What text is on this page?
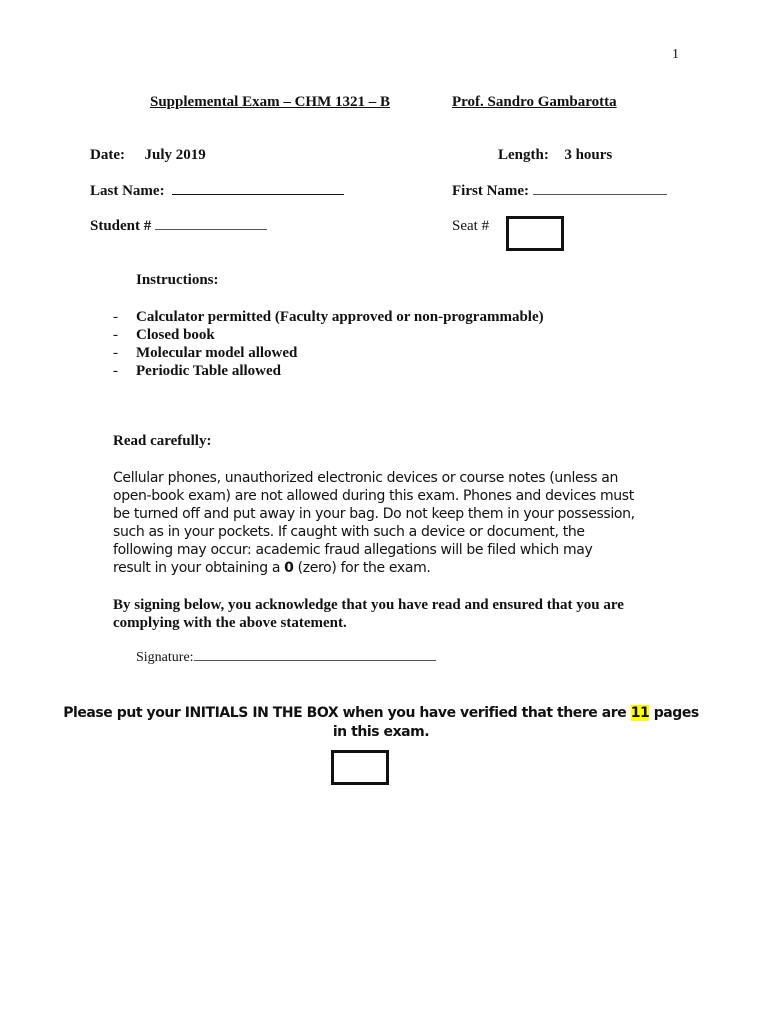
1
Supplemental Exam – CHM 1321 – B	Prof. Sandro Gambarotta
Date: July 2019	Length: 3 hours
Last Name:	First Name:
Student #	Seat #
Instructions:
- Calculator permitted (Faculty approved or non-programmable)
- Closed book
- Molecular model allowed
- Periodic Table allowed
Read carefully:
Cellular phones, unauthorized electronic devices or course notes (unless an
open-book exam) are not allowed during this exam. Phones and devices must
be turned off and put away in your bag. Do not keep them in your possession,
such as in your pockets. If caught with such a device or document, the
following may occur: academic fraud allegations will be filed which may
result in your obtaining a 0 (zero) for the exam.
By signing below, you acknowledge that you have read and ensured that you are
complying with the above statement.
Signature:
Please put your INITIALS IN THE BOX when you have verified that there are 11 pages
in this exam.
